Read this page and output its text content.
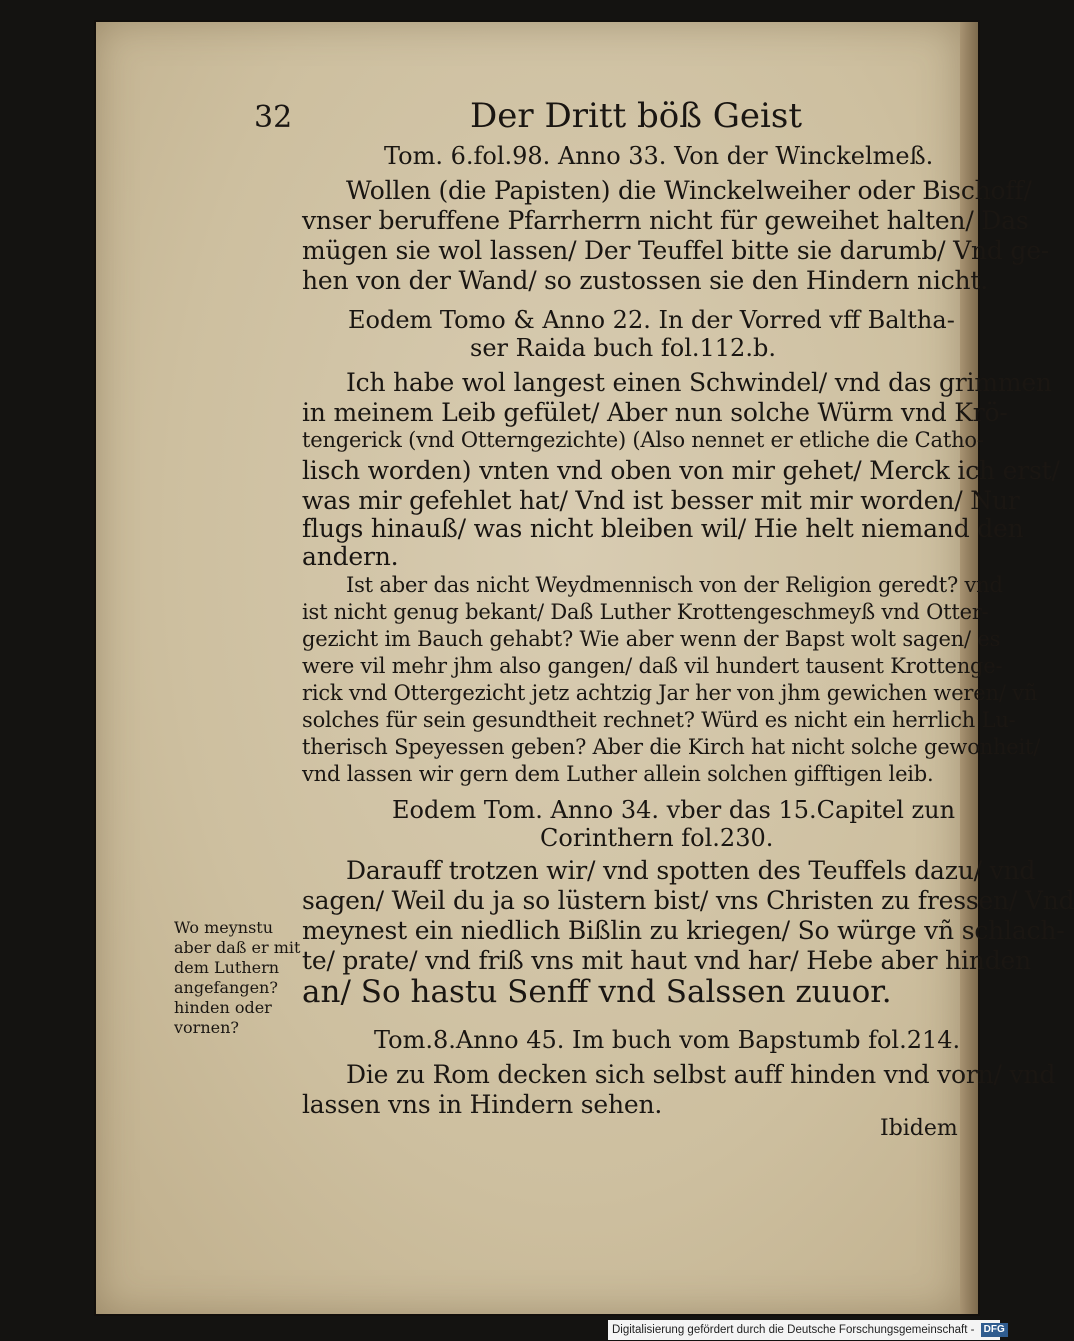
32	Der Dritt böß Geist
Tom. 6.fol.98. Anno 33. Von der Winckelmeß.
Wollen (die Papisten) die Winckelweiher oder Bischoff/
vnser beruffene Pfarrherrn nicht für geweihet halten/ Das
mügen sie wol lassen/ Der Teuffel bitte sie darumb/ Vnd ge-
hen von der Wand/ so zustossen sie den Hindern nicht.
Eodem Tomo & Anno 22. In der Vorred vff Baltha-
ser Raida buch fol.112.b.
Ich habe wol langest einen Schwindel/ vnd das grimmen
in meinem Leib gefület/ Aber nun solche Würm vnd Krö-
tengerick (vnd Otterngezichte) (Also nennet er etliche die Catho-
lisch worden) vnten vnd oben von mir gehet/ Merck ich erst/
was mir gefehlet hat/ Vnd ist besser mit mir worden/ Nur
flugs hinauß/ was nicht bleiben wil/ Hie helt niemand den
andern.
Ist aber das nicht Weydmennisch von der Religion geredt? vnd
ist nicht genug bekant/ Daß Luther Krottengeschmeyß vnd Otter-
gezicht im Bauch gehabt? Wie aber wenn der Bapst wolt sagen/ es
were vil mehr jhm also gangen/ daß vil hundert tausent Krottenge-
rick vnd Ottergezicht jetz achtzig Jar her von jhm gewichen weren/ vñ
solches für sein gesundtheit rechnet? Würd es nicht ein herrlich Lu-
therisch Speyessen geben? Aber die Kirch hat nicht solche gewonheit/
vnd lassen wir gern dem Luther allein solchen gifftigen leib.
Eodem Tom. Anno 34. vber das 15.Capitel zun
Corinthern fol.230.
Darauff trotzen wir/ vnd spotten des Teuffels dazu/ vnd
sagen/ Weil du ja so lüstern bist/ vns Christen zu fressen/ Vnd
meynest ein niedlich Bißlin zu kriegen/ So würge vñ schlach-
te/ prate/ vnd friß vns mit haut vnd har/ Hebe aber hinden
an/ So hastu Senff vnd Salssen zuuor.
Wo meynstu
aber daß er mit
dem Luthern
angefangen?
hinden oder
vornen?	Tom.8.Anno 45. Im buch vom Bapstumb fol.214.
Die zu Rom decken sich selbst auff hinden vnd vorn/ vnd
lassen vns in Hindern sehen.
Ibidem
Digitalisierung gefördert durch die Deutsche Forschungsgemeinschaft - DFG
